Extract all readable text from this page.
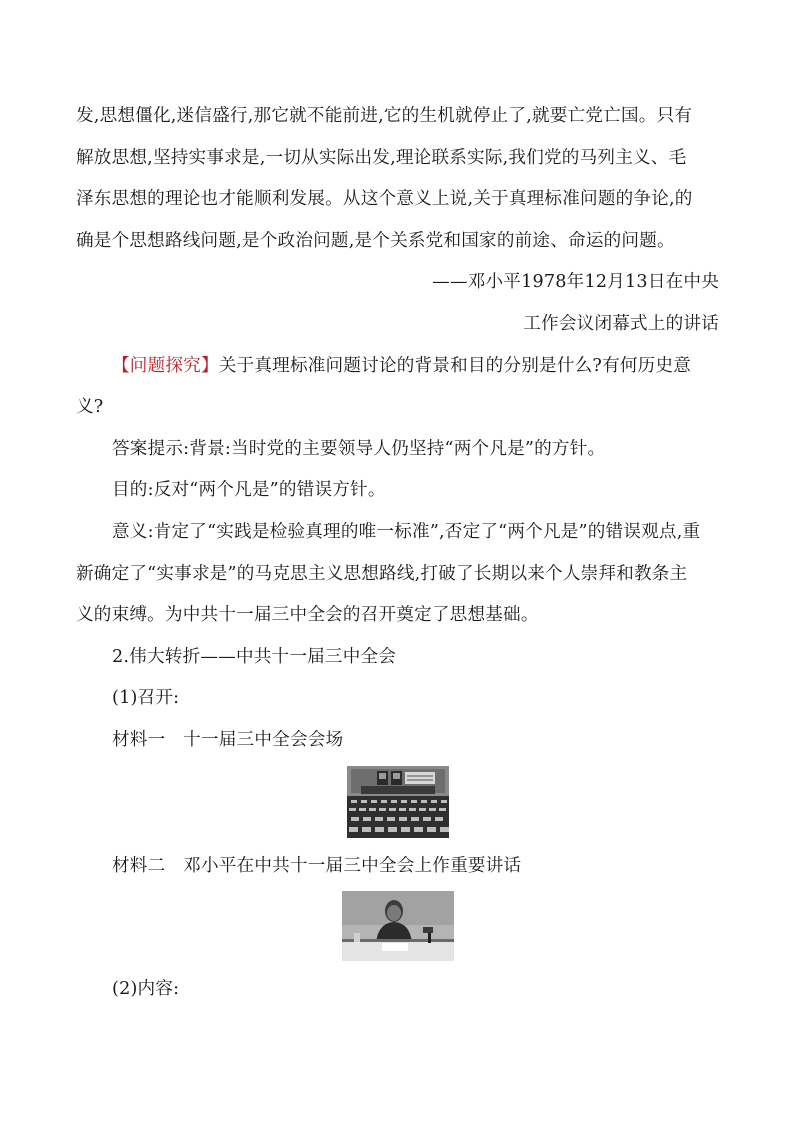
发,思想僵化,迷信盛行,那它就不能前进,它的生机就停止了,就要亡党亡国。只有
解放思想,坚持实事求是,一切从实际出发,理论联系实际,我们党的马列主义、毛
泽东思想的理论也才能顺利发展。从这个意义上说,关于真理标准问题的争论,的
确是个思想路线问题,是个政治问题,是个关系党和国家的前途、命运的问题。
——邓小平1978年12月13日在中央
工作会议闭幕式上的讲话
【问题探究】关于真理标准问题讨论的背景和目的分别是什么?有何历史意
义?
答案提示:背景:当时党的主要领导人仍坚持“两个凡是”的方针。
目的:反对“两个凡是”的错误方针。
意义:肯定了“实践是检验真理的唯一标准”,否定了“两个凡是”的错误观点,重
新确定了“实事求是”的马克思主义思想路线,打破了长期以来个人崇拜和教条主
义的束缚。为中共十一届三中全会的召开奠定了思想基础。
2.伟大转折——中共十一届三中全会
(1)召开:
材料一　十一届三中全会会场
材料二　邓小平在中共十一届三中全会上作重要讲话
(2)内容:
